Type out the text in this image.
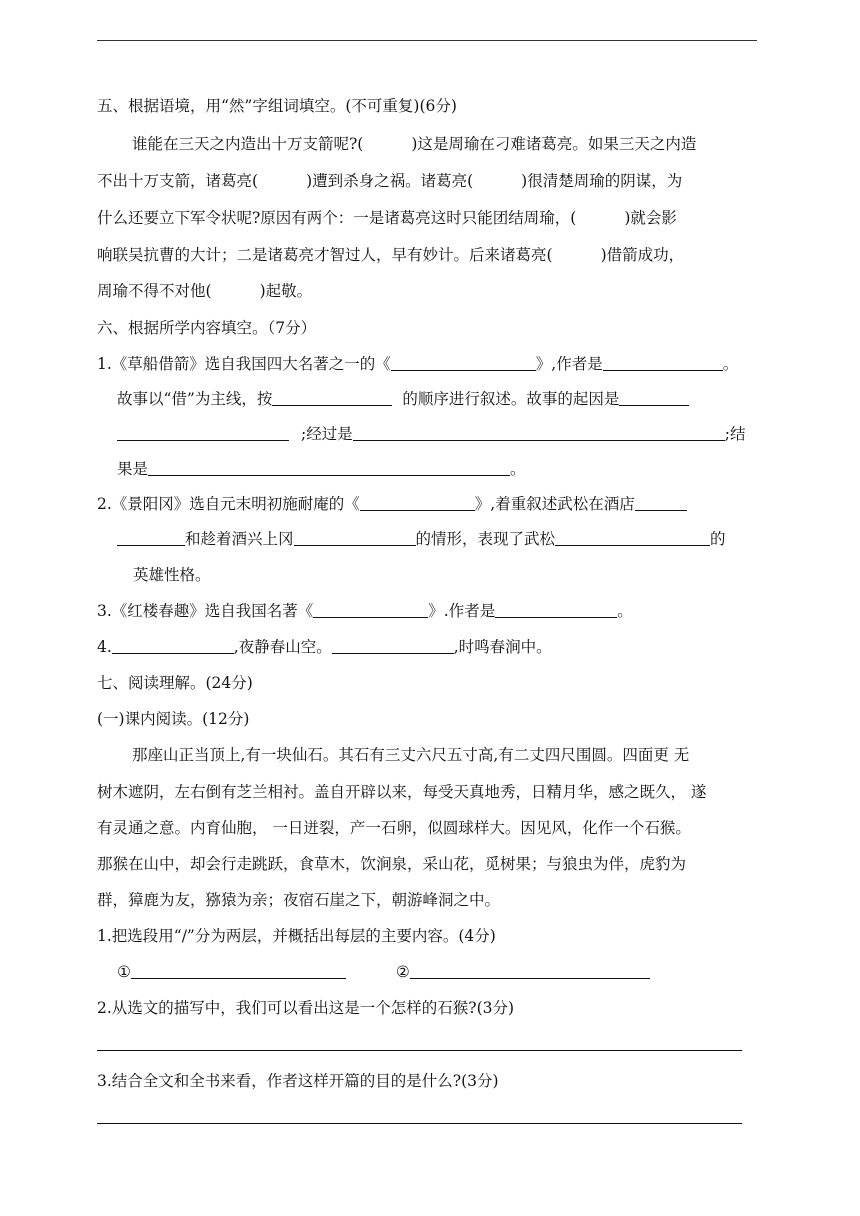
五、根据语境，用“然”字组词填空。(不可重复)(6分)
谁能在三天之内造出十万支箭呢?(	)这是周瑜在刁难诸葛亮。如果三天之内造
不出十万支箭，诸葛亮(	)遭到杀身之祸。诸葛亮(	)很清楚周瑜的阴谋，为
什么还要立下军令状呢?原因有两个：一是诸葛亮这时只能团结周瑜，(	)就会影
响联吴抗曹的大计；二是诸葛亮才智过人，早有妙计。后来诸葛亮(	)借箭成功，
周瑜不得不对他(	)起敬。
六、根据所学内容填空。（7分）
1.《草船借箭》选自我国四大名著之一的《	》,作者是	。
故事以“借”为主线，按	的顺序进行叙述。故事的起因是
;经过是	;结
果是	。
2.《景阳冈》选自元末明初施耐庵的《	》,着重叙述武松在酒店
和趁着酒兴上冈	的情形，表现了武松	的
英雄性格。
3.《红楼春趣》选自我国名著《	》.作者是	。
4.	,夜静春山空。	,时鸣春涧中。
七、阅读理解。(24分)
(一)课内阅读。(12分)
那座山正当顶上,有一块仙石。其石有三丈六尺五寸高,有二丈四尺围圆。四面更 无
树木遮阴，左右倒有芝兰相衬。盖自开辟以来，每受天真地秀，日精月华，感之既久， 遂
有灵通之意。内育仙胞， 一日迸裂，产一石卵，似圆球样大。因见风，化作一个石猴。
那猴在山中，却会行走跳跃，食草木，饮涧泉，采山花，觅树果；与狼虫为伴，虎豹为
群，獐鹿为友，猕猿为亲；夜宿石崖之下，朝游峰洞之中。
1.把选段用“/”分为两层，并概括出每层的主要内容。(4分)
①	②
2.从选文的描写中，我们可以看出这是一个怎样的石猴?(3分)
3.结合全文和全书来看，作者这样开篇的目的是什么?(3分)
